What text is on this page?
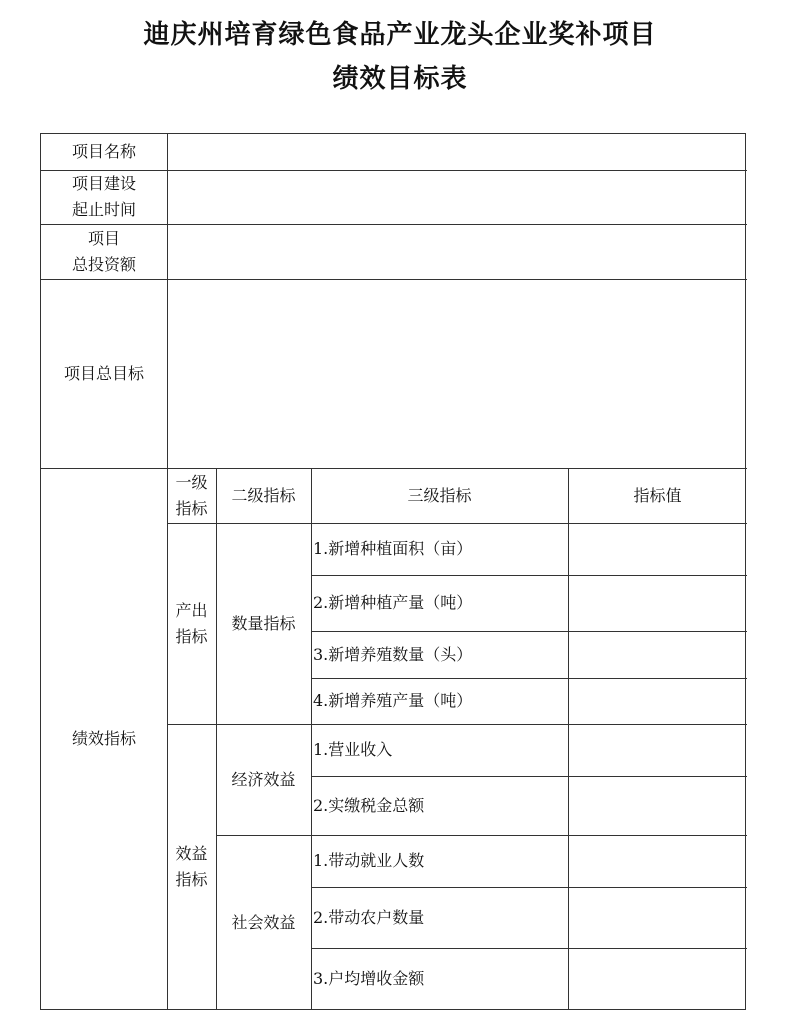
迪庆州培育绿色食品产业龙头企业奖补项目
绩效目标表
项目名称
项目建设
起止时间
项目
总投资额
项目总目标
绩效指标
一级
指标
二级指标	三级指标	指标值
产出
指标
效益
指标
数量指标
经济效益
社会效益
1.新增种植面积（亩）
2.新增种植产量（吨）
3.新增养殖数量（头）
4.新增养殖产量（吨）
1.营业收入
2.实缴税金总额
1.带动就业人数
2.带动农户数量
3.户均增收金额
